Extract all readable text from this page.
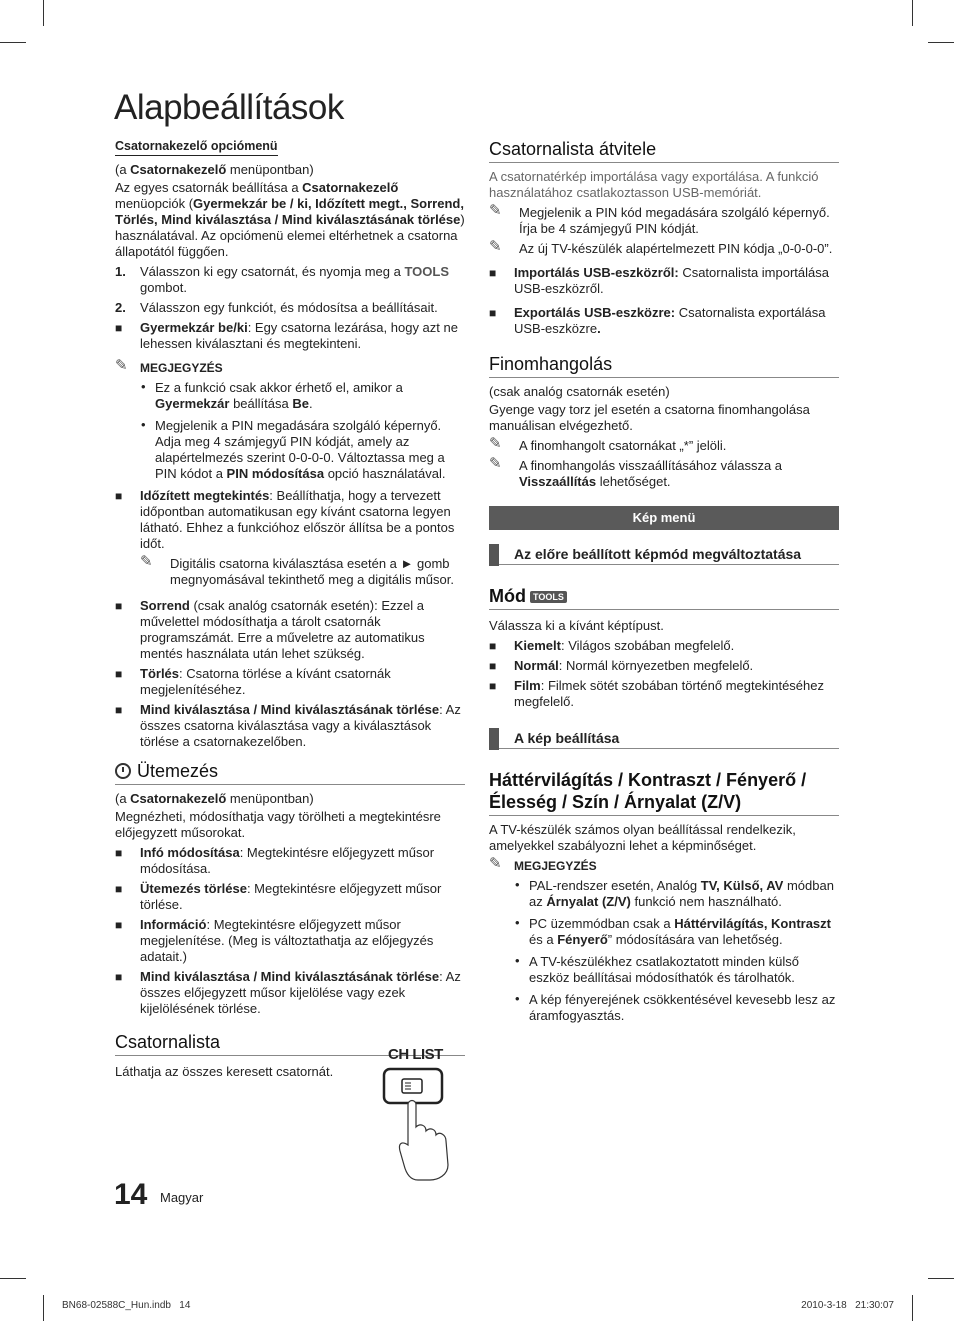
Alapbeállítások
Csatornakezelő opciómenü

(a Csatornakezelő menüpontban)

Az egyes csatornák beállítása a Csatornakezelő menüopciók (Gyermekzár be / ki, Időzített megt., Sorrend, Törlés, Mind kiválasztása / Mind kiválasztásának törlése) használatával. Az opciómenü elemei eltérhetnek a csatorna állapotától függően.

1. Válasszon ki egy csatornát, és nyomja meg a TOOLS gombot.
2. Válasszon egy funkciót, és módosítsa a beállításait.
■ Gyermekzár be/ki: Egy csatorna lezárása, hogy azt ne lehessen kiválasztani és megtekinteni.
✎ MEGJEGYZÉS
• Ez a funkció csak akkor érhető el, amikor a Gyermekzár beállítása Be.
• Megjelenik a PIN megadására szolgáló képernyő. Adja meg 4 számjegyű PIN kódját, amely az alapértelmezés szerint 0-0-0-0. Változtassa meg a PIN kódot a PIN módosítása opció használatával.
■ Időzített megtekintés: Beállíthatja, hogy a tervezett időpontban automatikusan egy kívánt csatorna legyen látható. Ehhez a funkcióhoz először állítsa be a pontos időt.
✎ Digitális csatorna kiválasztása esetén a ► gomb megnyomásával tekinthető meg a digitális műsor.
■ Sorrend (csak analóg csatornák esetén): Ezzel a művelettel módosíthatja a tárolt csatornák programszámát. Erre a műveletre az automatikus mentés használata után lehet szükség.
■ Törlés: Csatorna törlése a kívánt csatornák megjelenítéséhez.
■ Mind kiválasztása / Mind kiválasztásának törlése: Az összes csatorna kiválasztása vagy a kiválasztások törlése a csatornakezelőben.
Ütemezés

(a Csatornakezelő menüpontban)

Megnézheti, módosíthatja vagy törölheti a megtekintésre előjegyzett műsorokat.

■ Infó módosítása: Megtekintésre előjegyzett műsor módosítása.
■ Ütemezés törlése: Megtekintésre előjegyzett műsor törlése.
■ Információ: Megtekintésre előjegyzett műsor megjelenítése. (Meg is változtathatja az előjegyzés adatait.)
■ Mind kiválasztása / Mind kiválasztásának törlése: Az összes előjegyzett műsor kijelölése vagy ezek kijelölésének törlése.
Csatornalista

Láthatja az összes keresett csatornát.

CH LIST
Csatornalista átvitele

A csatornatérkép importálása vagy exportálása. A funkció használatához csatlakoztasson USB-memóriát.

✎ Megjelenik a PIN kód megadására szolgáló képernyő. Írja be 4 számjegyű PIN kódját.
✎ Az új TV-készülék alapértelmezett PIN kódja „0-0-0-0”.
■ Importálás USB-eszközről: Csatornalista importálása USB-eszközről.
■ Exportálás USB-eszközre: Csatornalista exportálása USB-eszközre.
Finomhangolás

(csak analóg csatornák esetén)

Gyenge vagy torz jel esetén a csatorna finomhangolása manuálisan elvégezhető.

✎ A finomhangolt csatornákat „*” jelöli.
✎ A finomhangolás visszaállításához válassza a Visszaállítás lehetőséget.
Kép menü
Az előre beállított képmód megváltoztatása
Mód TOOLS

Válassza ki a kívánt képtípust.

■ Kiemelt: Világos szobában megfelelő.
■ Normál: Normál környezetben megfelelő.
■ Film: Filmek sötét szobában történő megtekintéséhez megfelelő.
A kép beállítása
Háttérvilágítás / Kontraszt / Fényerő / Élesség / Szín / Árnyalat (Z/V)

A TV-készülék számos olyan beállítással rendelkezik, amelyekkel szabályozni lehet a képminőséget.

✎ MEGJEGYZÉS
• PAL-rendszer esetén, Analóg TV, Külső, AV módban az Árnyalat (Z/V) funkció nem használható.
• PC üzemmódban csak a Háttérvilágítás, Kontraszt és a Fényerő” módosítására van lehetőség.
• A TV-készülékhez csatlakoztatott minden külső eszköz beállításai módosíthatók és tárolhatók.
• A kép fényerejének csökkentésével kevesebb lesz az áramfogyasztás.
14 Magyar
BN68-02588C_Hun.indb   14	2010-3-18   21:30:07
